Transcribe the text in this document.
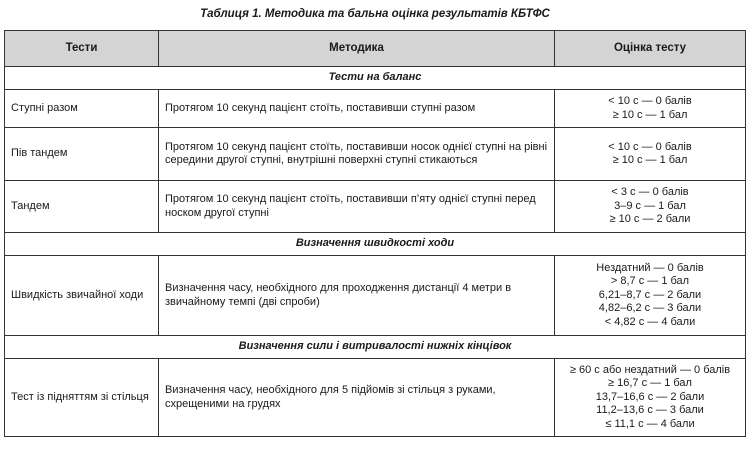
Таблиця 1. Методика та бальна оцінка результатів КБТФС
Тести	Методика	Оцінка тесту
Тести на баланс		
Ступні разом	Протягом 10 секунд пацієнт стоїть, поставивши ступні разом	< 10 с — 0 балів
≥ 10 с — 1 бал

Пів тандем	Протягом 10 секунд пацієнт стоїть, поставивши носок однієї ступні на рівні середини другої ступні, внутрішні поверхні ступні стикаються	< 10 с — 0 балів
≥ 10 с — 1 бал

Тандем	Протягом 10 секунд пацієнт стоїть, поставивши п’яту однієї ступні перед носком другої ступні	< 3 с — 0 балів
3–9 с — 1 бал
≥ 10 с — 2 бали

Визначення швидкості ходи		
Швидкість звичайної ходи	Визначення часу, необхідного для проходження дистанції 4 метри в звичайному темпі (дві спроби)	Нездатний — 0 балів
> 8,7 с — 1 бал
6,21–8,7 с — 2 бали
4,82–6,2 с — 3 бали
< 4,82 с — 4 бали

Визначення сили і витривалості нижніх кінцівок		
Тест із підняттям зі стільця	Визначення часу, необхідного для 5 підйомів зі стільця з руками, схрещеними на грудях	≥ 60 с або нездатний — 0 балів
≥ 16,7 с — 1 бал
13,7–16,6 с — 2 бали
11,2–13,6 с — 3 бали
≤ 11,1 с — 4 бали
